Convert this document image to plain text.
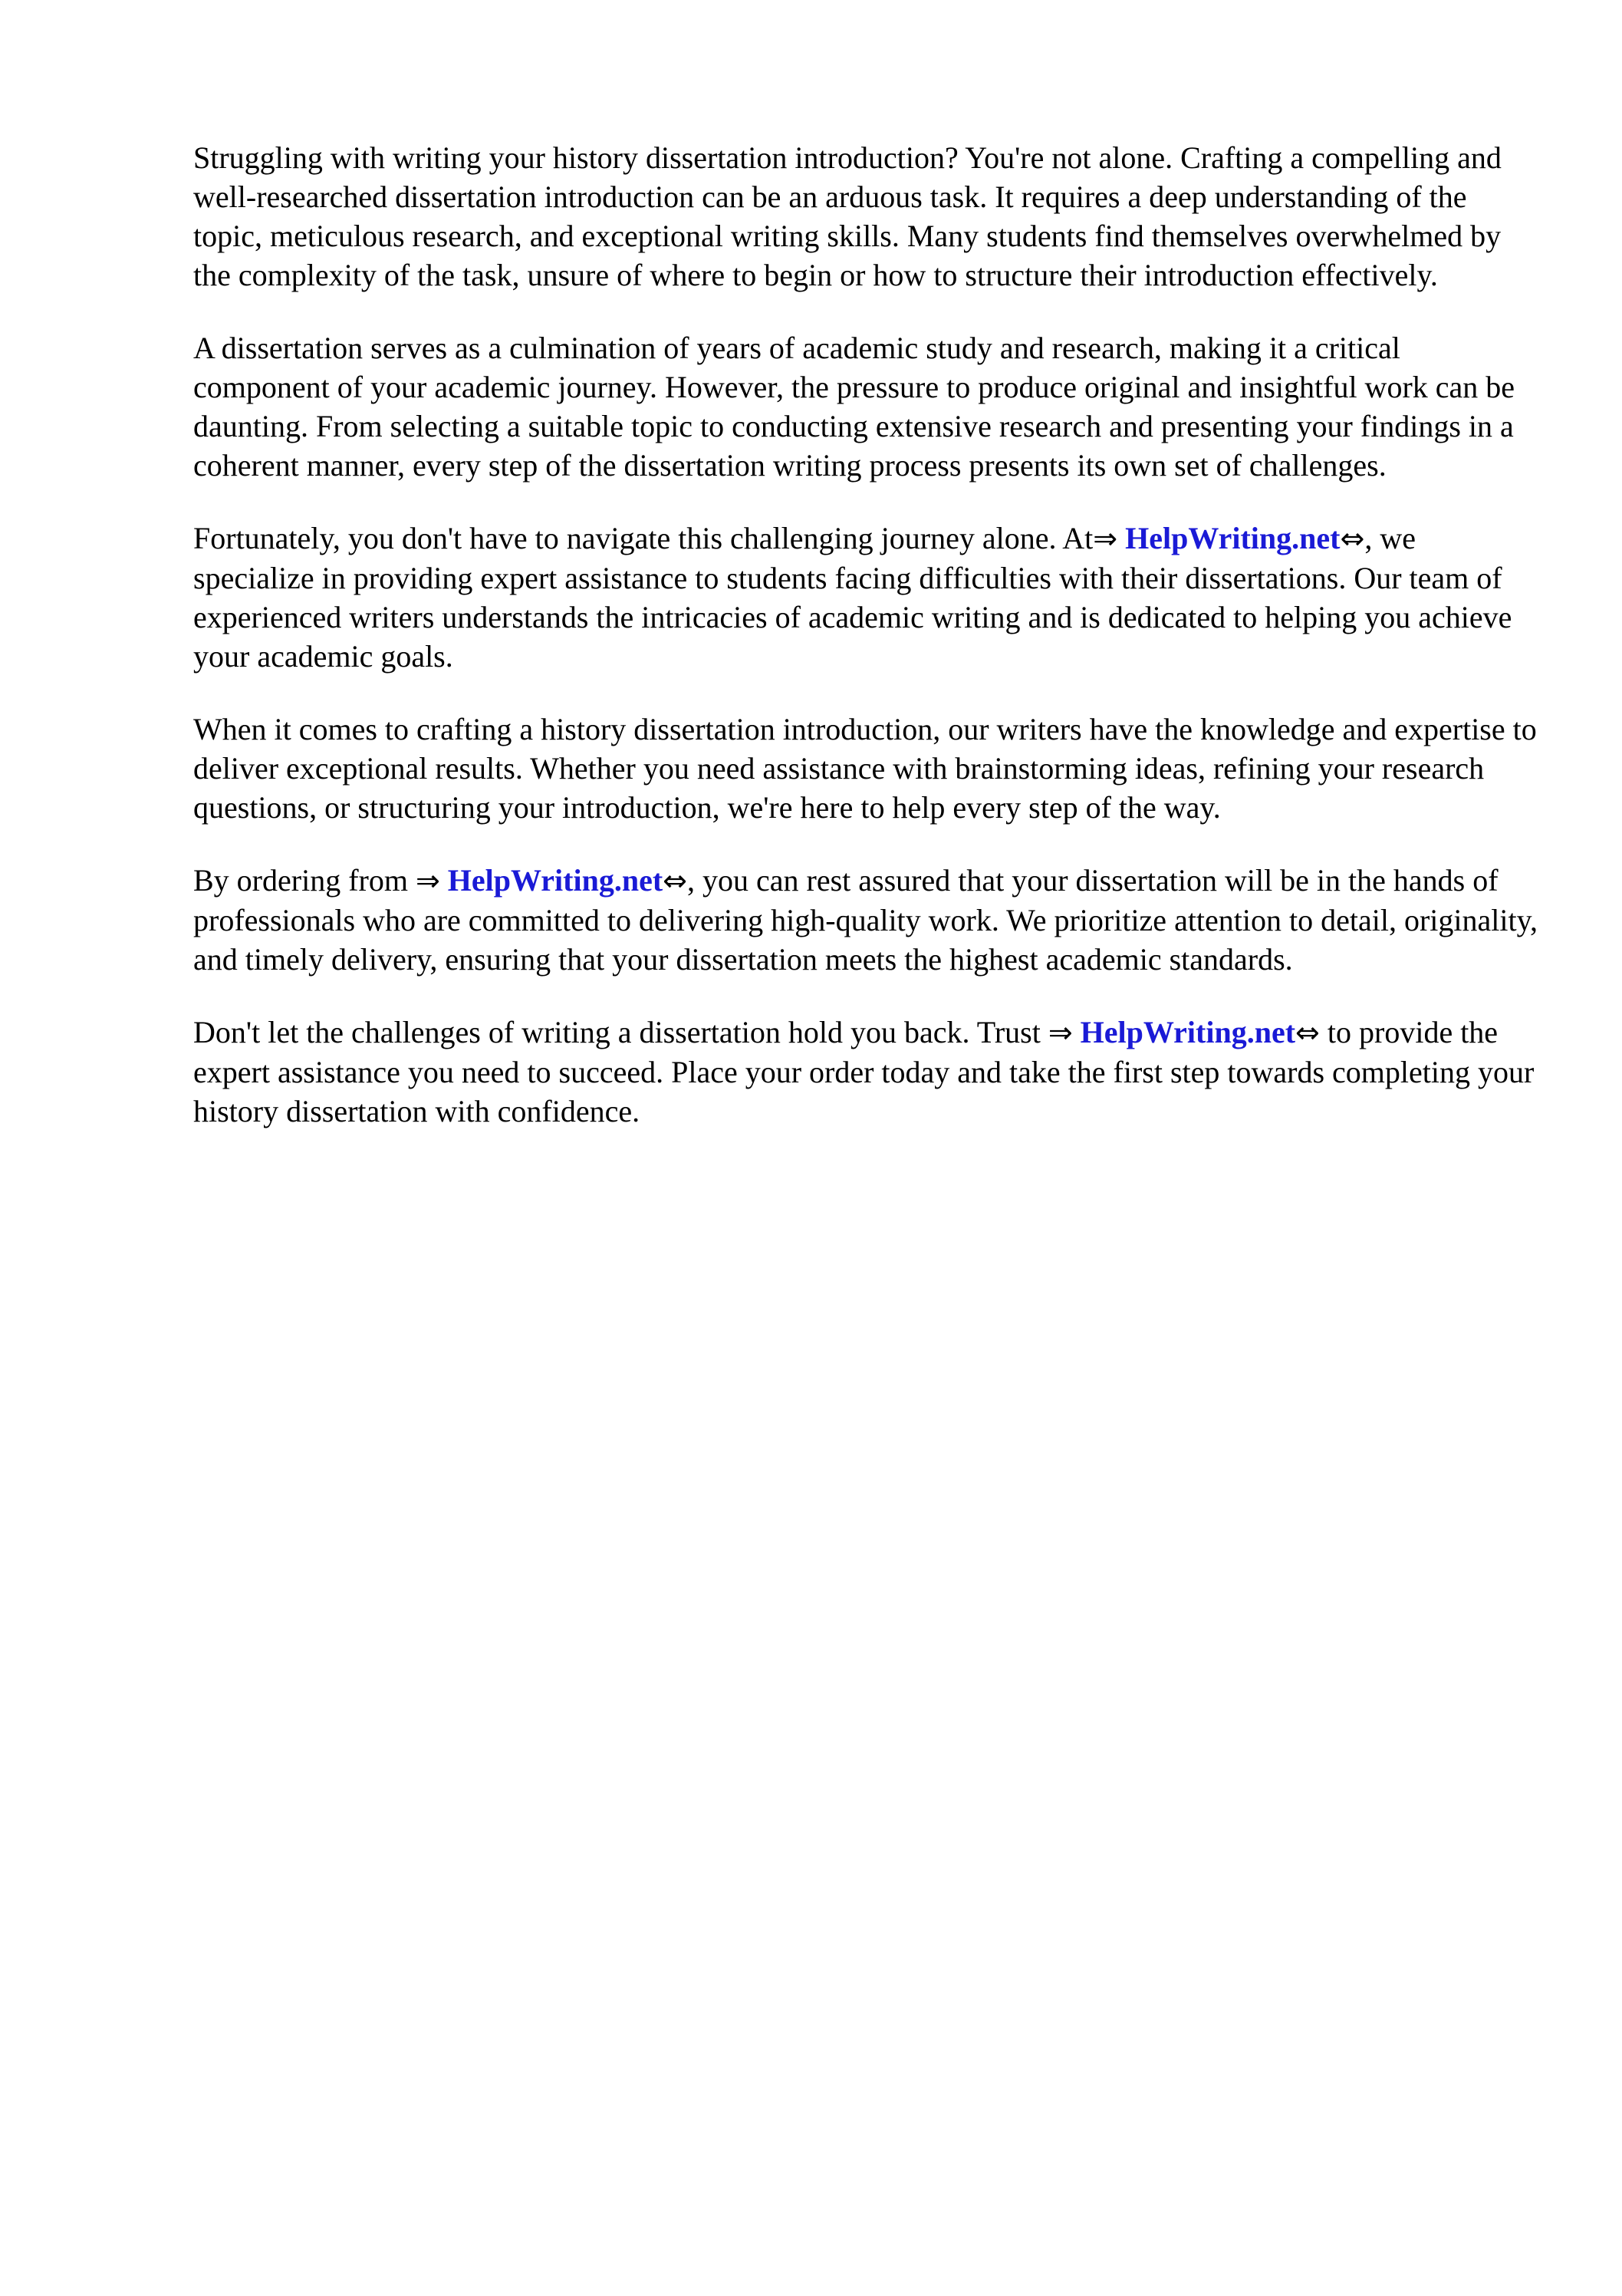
Struggling with writing your history dissertation introduction? You're not alone. Crafting a compelling and well-researched dissertation introduction can be an arduous task. It requires a deep understanding of the topic, meticulous research, and exceptional writing skills. Many students find themselves overwhelmed by the complexity of the task, unsure of where to begin or how to structure their introduction effectively.

A dissertation serves as a culmination of years of academic study and research, making it a critical component of your academic journey. However, the pressure to produce original and insightful work can be daunting. From selecting a suitable topic to conducting extensive research and presenting your findings in a coherent manner, every step of the dissertation writing process presents its own set of challenges.

Fortunately, you don't have to navigate this challenging journey alone. At⇒ HelpWriting.net⇔, we specialize in providing expert assistance to students facing difficulties with their dissertations. Our team of experienced writers understands the intricacies of academic writing and is dedicated to helping you achieve your academic goals.

When it comes to crafting a history dissertation introduction, our writers have the knowledge and expertise to deliver exceptional results. Whether you need assistance with brainstorming ideas, refining your research questions, or structuring your introduction, we're here to help every step of the way.

By ordering from ⇒ HelpWriting.net⇔, you can rest assured that your dissertation will be in the hands of professionals who are committed to delivering high-quality work. We prioritize attention to detail, originality, and timely delivery, ensuring that your dissertation meets the highest academic standards.

Don't let the challenges of writing a dissertation hold you back. Trust ⇒ HelpWriting.net⇔ to provide the expert assistance you need to succeed. Place your order today and take the first step towards completing your history dissertation with confidence.
